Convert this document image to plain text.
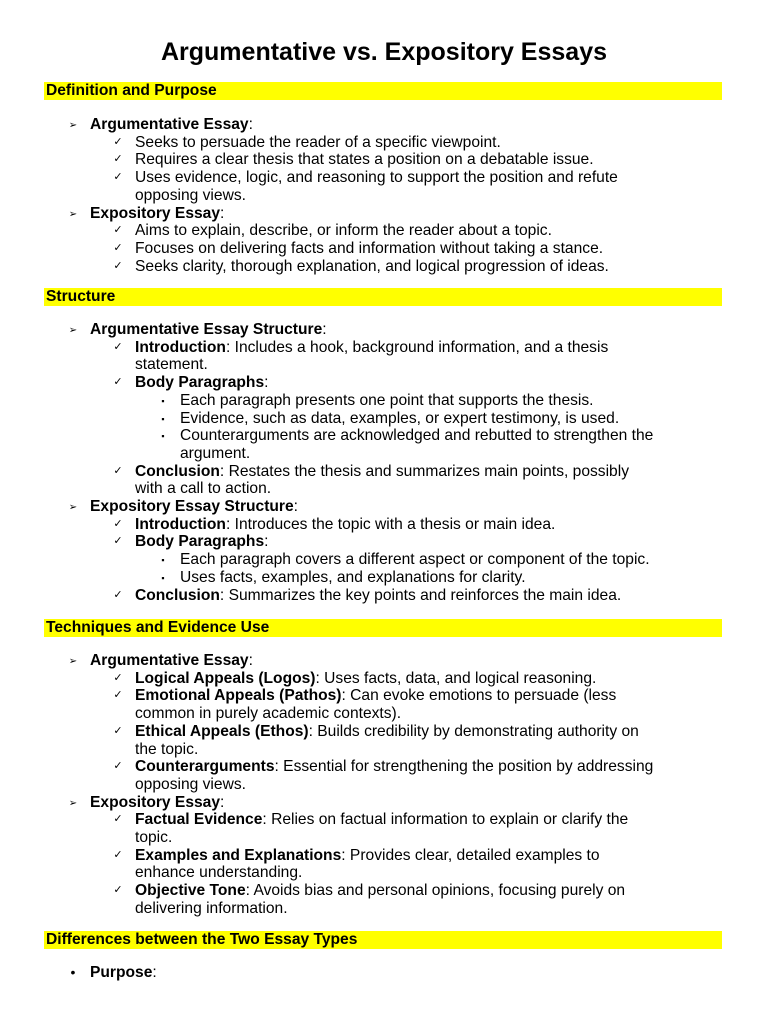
Argumentative vs. Expository Essays
Definition and Purpose
➢ Argumentative Essay:
✓ Seeks to persuade the reader of a specific viewpoint.
✓ Requires a clear thesis that states a position on a debatable issue.
✓ Uses evidence, logic, and reasoning to support the position and refute
opposing views.
➢ Expository Essay:
✓ Aims to explain, describe, or inform the reader about a topic.
✓ Focuses on delivering facts and information without taking a stance.
✓ Seeks clarity, thorough explanation, and logical progression of ideas.
Structure
➢ Argumentative Essay Structure:
✓ Introduction: Includes a hook, background information, and a thesis
statement.
✓ Body Paragraphs:
▪ Each paragraph presents one point that supports the thesis.
▪ Evidence, such as data, examples, or expert testimony, is used.
▪ Counterarguments are acknowledged and rebutted to strengthen the
argument.
✓ Conclusion: Restates the thesis and summarizes main points, possibly
with a call to action.
➢ Expository Essay Structure:
✓ Introduction: Introduces the topic with a thesis or main idea.
✓ Body Paragraphs:
▪ Each paragraph covers a different aspect or component of the topic.
▪ Uses facts, examples, and explanations for clarity.
✓ Conclusion: Summarizes the key points and reinforces the main idea.
Techniques and Evidence Use
➢ Argumentative Essay:
✓ Logical Appeals (Logos): Uses facts, data, and logical reasoning.
✓ Emotional Appeals (Pathos): Can evoke emotions to persuade (less
common in purely academic contexts).
✓ Ethical Appeals (Ethos): Builds credibility by demonstrating authority on
the topic.
✓ Counterarguments: Essential for strengthening the position by addressing
opposing views.
➢ Expository Essay:
✓ Factual Evidence: Relies on factual information to explain or clarify the
topic.
✓ Examples and Explanations: Provides clear, detailed examples to
enhance understanding.
✓ Objective Tone: Avoids bias and personal opinions, focusing purely on
delivering information.
Differences between the Two Essay Types
• Purpose:
